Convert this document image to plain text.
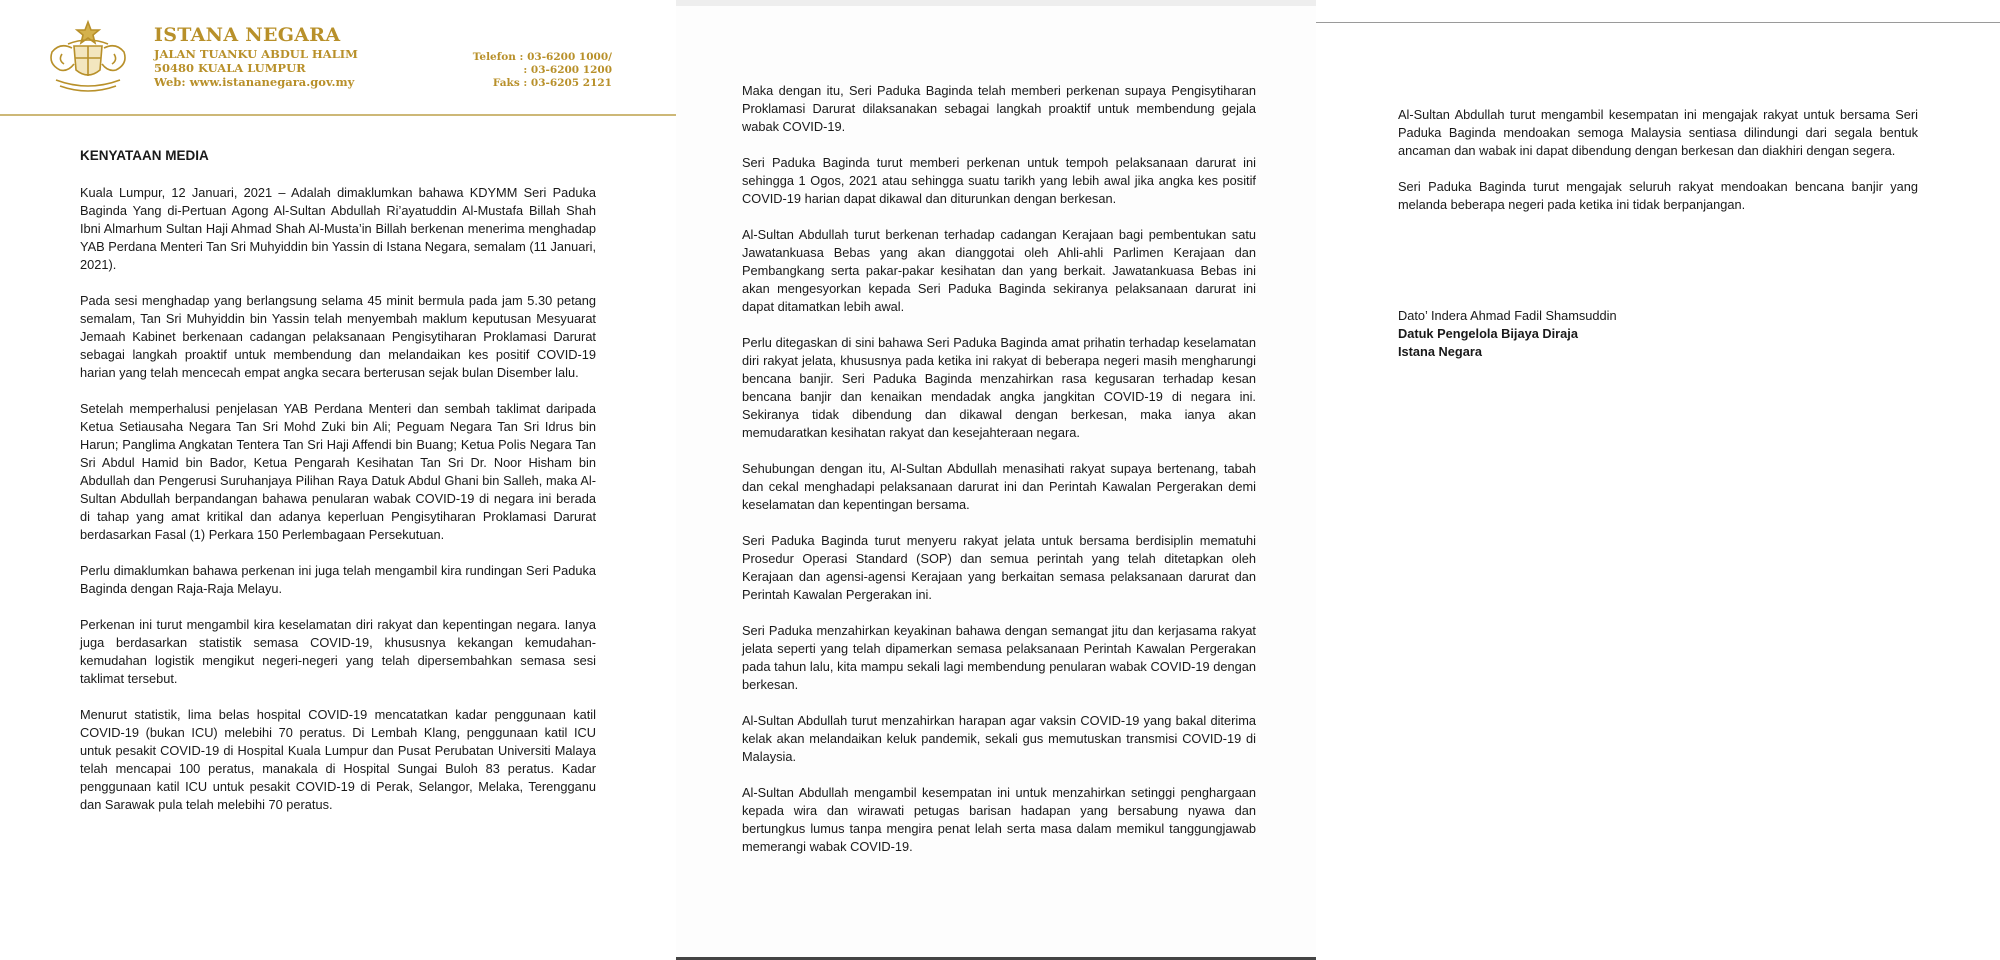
ISTANA NEGARA
JALAN TUANKU ABDUL HALIM
50480 KUALA LUMPUR
Web: www.istananegara.gov.my
Telefon : 03-6200 1000/
: 03-6200 1200
Faks : 03-6205 2121
KENYATAAN MEDIA

Kuala Lumpur, 12 Januari, 2021 – Adalah dimaklumkan bahawa KDYMM Seri Paduka Baginda Yang di-Pertuan Agong Al-Sultan Abdullah Ri’ayatuddin Al-Mustafa Billah Shah Ibni Almarhum Sultan Haji Ahmad Shah Al-Musta’in Billah berkenan menerima menghadap YAB Perdana Menteri Tan Sri Muhyiddin bin Yassin di Istana Negara, semalam (11 Januari, 2021).

Pada sesi menghadap yang berlangsung selama 45 minit bermula pada jam 5.30 petang semalam, Tan Sri Muhyiddin bin Yassin telah menyembah maklum keputusan Mesyuarat Jemaah Kabinet berkenaan cadangan pelaksanaan Pengisytiharan Proklamasi Darurat sebagai langkah proaktif untuk membendung dan melandaikan kes positif COVID-19 harian yang telah mencecah empat angka secara berterusan sejak bulan Disember lalu.

Setelah memperhalusi penjelasan YAB Perdana Menteri dan sembah taklimat daripada Ketua Setiausaha Negara Tan Sri Mohd Zuki bin Ali; Peguam Negara Tan Sri Idrus bin Harun; Panglima Angkatan Tentera Tan Sri Haji Affendi bin Buang; Ketua Polis Negara Tan Sri Abdul Hamid bin Bador, Ketua Pengarah Kesihatan Tan Sri Dr. Noor Hisham bin Abdullah dan Pengerusi Suruhanjaya Pilihan Raya Datuk Abdul Ghani bin Salleh, maka Al-Sultan Abdullah berpandangan bahawa penularan wabak COVID-19 di negara ini berada di tahap yang amat kritikal dan adanya keperluan Pengisytiharan Proklamasi Darurat berdasarkan Fasal (1) Perkara 150 Perlembagaan Persekutuan.

Perlu dimaklumkan bahawa perkenan ini juga telah mengambil kira rundingan Seri Paduka Baginda dengan Raja-Raja Melayu.

Perkenan ini turut mengambil kira keselamatan diri rakyat dan kepentingan negara. Ianya juga berdasarkan statistik semasa COVID-19, khususnya kekangan kemudahan-kemudahan logistik mengikut negeri-negeri yang telah dipersembahkan semasa sesi taklimat tersebut.

Menurut statistik, lima belas hospital COVID-19 mencatatkan kadar penggunaan katil COVID-19 (bukan ICU) melebihi 70 peratus. Di Lembah Klang, penggunaan katil ICU untuk pesakit COVID-19 di Hospital Kuala Lumpur dan Pusat Perubatan Universiti Malaya telah mencapai 100 peratus, manakala di Hospital Sungai Buloh 83 peratus. Kadar penggunaan katil ICU untuk pesakit COVID-19 di Perak, Selangor, Melaka, Terengganu dan Sarawak pula telah melebihi 70 peratus.

Maka dengan itu, Seri Paduka Baginda telah memberi perkenan supaya Pengisytiharan Proklamasi Darurat dilaksanakan sebagai langkah proaktif untuk membendung gejala wabak COVID-19.

Seri Paduka Baginda turut memberi perkenan untuk tempoh pelaksanaan darurat ini sehingga 1 Ogos, 2021 atau sehingga suatu tarikh yang lebih awal jika angka kes positif COVID-19 harian dapat dikawal dan diturunkan dengan berkesan.

Al-Sultan Abdullah turut berkenan terhadap cadangan Kerajaan bagi pembentukan satu Jawatankuasa Bebas yang akan dianggotai oleh Ahli-ahli Parlimen Kerajaan dan Pembangkang serta pakar-pakar kesihatan dan yang berkait. Jawatankuasa Bebas ini akan mengesyorkan kepada Seri Paduka Baginda sekiranya pelaksanaan darurat ini dapat ditamatkan lebih awal.

Perlu ditegaskan di sini bahawa Seri Paduka Baginda amat prihatin terhadap keselamatan diri rakyat jelata, khususnya pada ketika ini rakyat di beberapa negeri masih mengharungi bencana banjir. Seri Paduka Baginda menzahirkan rasa kegusaran terhadap kesan bencana banjir dan kenaikan mendadak angka jangkitan COVID-19 di negara ini. Sekiranya tidak dibendung dan dikawal dengan berkesan, maka ianya akan memudaratkan kesihatan rakyat dan kesejahteraan negara.

Sehubungan dengan itu, Al-Sultan Abdullah menasihati rakyat supaya bertenang, tabah dan cekal menghadapi pelaksanaan darurat ini dan Perintah Kawalan Pergerakan demi keselamatan dan kepentingan bersama.

Seri Paduka Baginda turut menyeru rakyat jelata untuk bersama berdisiplin mematuhi Prosedur Operasi Standard (SOP) dan semua perintah yang telah ditetapkan oleh Kerajaan dan agensi-agensi Kerajaan yang berkaitan semasa pelaksanaan darurat dan Perintah Kawalan Pergerakan ini.

Seri Paduka menzahirkan keyakinan bahawa dengan semangat jitu dan kerjasama rakyat jelata seperti yang telah dipamerkan semasa pelaksanaan Perintah Kawalan Pergerakan pada tahun lalu, kita mampu sekali lagi membendung penularan wabak COVID-19 dengan berkesan.

Al-Sultan Abdullah turut menzahirkan harapan agar vaksin COVID-19 yang bakal diterima kelak akan melandaikan keluk pandemik, sekali gus memutuskan transmisi COVID-19 di Malaysia.

Al-Sultan Abdullah mengambil kesempatan ini untuk menzahirkan setinggi penghargaan kepada wira dan wirawati petugas barisan hadapan yang bersabung nyawa dan bertungkus lumus tanpa mengira penat lelah serta masa dalam memikul tanggungjawab memerangi wabak COVID-19.

Al-Sultan Abdullah turut mengambil kesempatan ini mengajak rakyat untuk bersama Seri Paduka Baginda mendoakan semoga Malaysia sentiasa dilindungi dari segala bentuk ancaman dan wabak ini dapat dibendung dengan berkesan dan diakhiri dengan segera.

Seri Paduka Baginda turut mengajak seluruh rakyat mendoakan bencana banjir yang melanda beberapa negeri pada ketika ini tidak berpanjangan.

Dato’ Indera Ahmad Fadil Shamsuddin
Datuk Pengelola Bijaya Diraja
Istana Negara
